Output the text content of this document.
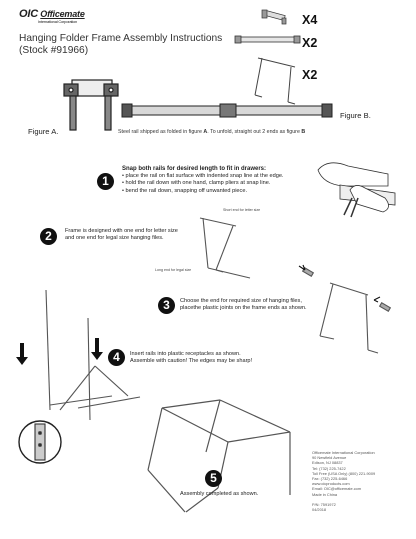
OIC Officemate
International Corporation
Hanging Folder Frame Assembly Instructions
(Stock #91966)
X4
X2
X2
Figure A.
Figure B.
Steel rail shipped as folded in figure A. To unfold, straight out 2 ends as figure B
1
Snap both rails for desired length to fit in drawers:
• place the rail on flat surface with indented snap line at the edge.
• hold the rail down with one hand, clamp pliers at snap line.
• bend the rail down, snapping off unwanted piece.
2	Frame is designed with one end for letter size
and one end for legal size hanging files.
Short end for letter size
Long end for legal size
3	Choose the end for required size of hanging files,
placethe plastic joints on the frame ends as shown.
4	Insert rails into plastic receptacles as shown.
Assemble with caution! The edges may be sharp!
5
Assembly completed as shown.
Officemate International Corporation
90 Newfield Avenue
Edison, NJ 08837
Tel: (732) 225-7422
Toll Free (USA Only) (800) 221-9009
Fax: (732) 225-6466
www.oicproducts.com
Email: OIC@officemate.com
Made in China
P/N: 7591972
04/2018
